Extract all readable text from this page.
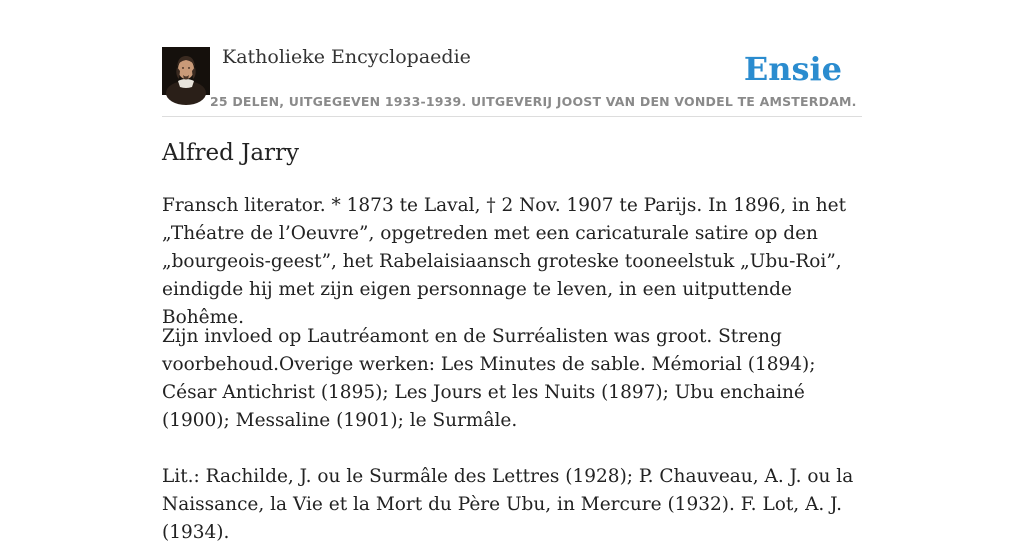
Katholieke Encyclopaedie
25 DELEN, UITGEGEVEN 1933-1939. UITGEVERIJ JOOST VAN DEN VONDEL TE AMSTERDAM.
Ensie
Alfred Jarry

Fransch literator. * 1873 te Laval, † 2 Nov. 1907 te Parijs. In 1896, in het „Théatre de l’Oeuvre”, opgetreden met een caricaturale satire op den „bourgeois-geest”, het Rabelaisiaansch groteske tooneelstuk „Ubu-Roi”, eindigde hij met zijn eigen personnage te leven, in een uitputtende Bohême.

Zijn invloed op Lautréamont en de Surréalisten was groot. Streng voorbehoud.Overige werken: Les Minutes de sable. Mémorial (1894); César Antichrist (1895); Les Jours et les Nuits (1897); Ubu enchainé (1900); Messaline (1901); le Surmâle.

Lit.: Rachilde, J. ou le Surmâle des Lettres (1928); P. Chauveau, A. J. ou la Naissance, la Vie et la Mort du Père Ubu, in Mercure (1932). F. Lot, A. J. (1934).
